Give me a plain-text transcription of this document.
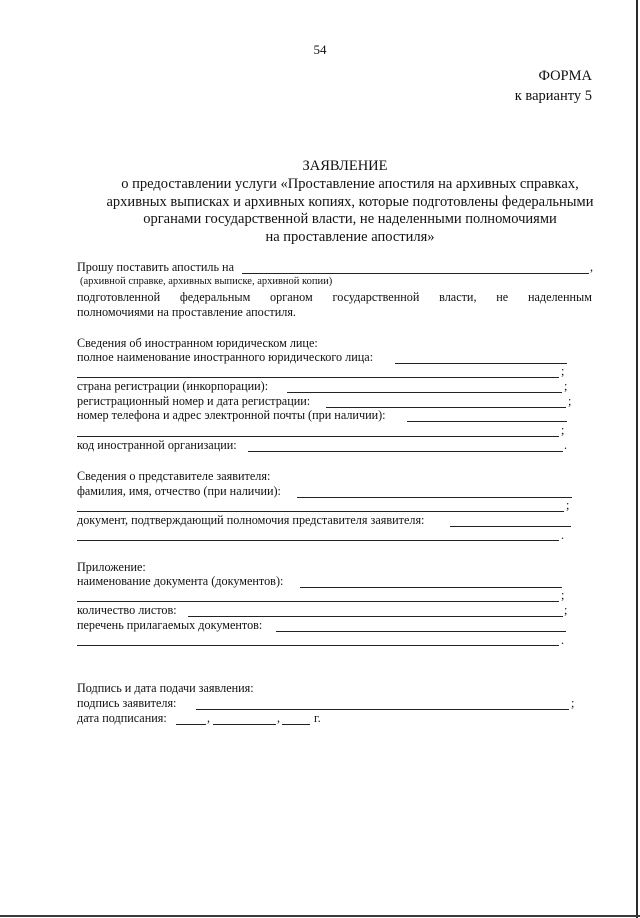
54
ФОРМА
к варианту 5
ЗАЯВЛЕНИЕ
о предоставлении услуги «Проставление апостиля на архивных справках,
архивных выписках и архивных копиях, которые подготовлены федеральными
органами государственной власти, не наделенными полномочиями
на проставление апостиля»
Прошу поставить апостиль на	,
(архивной справке, архивных выписке, архивной копии)
подготовленной федеральным органом государственной власти, не наделенным
полномочиями на проставление апостиля.
Сведения об иностранном юридическом лице:
полное наименование иностранного юридического лица:
;
страна регистрации (инкорпорации):	;
регистрационный номер и дата регистрации:	;
номер телефона и адрес электронной почты (при наличии):
;
код иностранной организации:	.
Сведения о представителе заявителя:
фамилия, имя, отчество (при наличии):
;
документ, подтверждающий полномочия представителя заявителя:
.
Приложение:
наименование документа (документов):
;
количество листов:	;
перечень прилагаемых документов:
.
Подпись и дата подачи заявления:
подпись заявителя:	;
дата подписания:	,	,	г.
